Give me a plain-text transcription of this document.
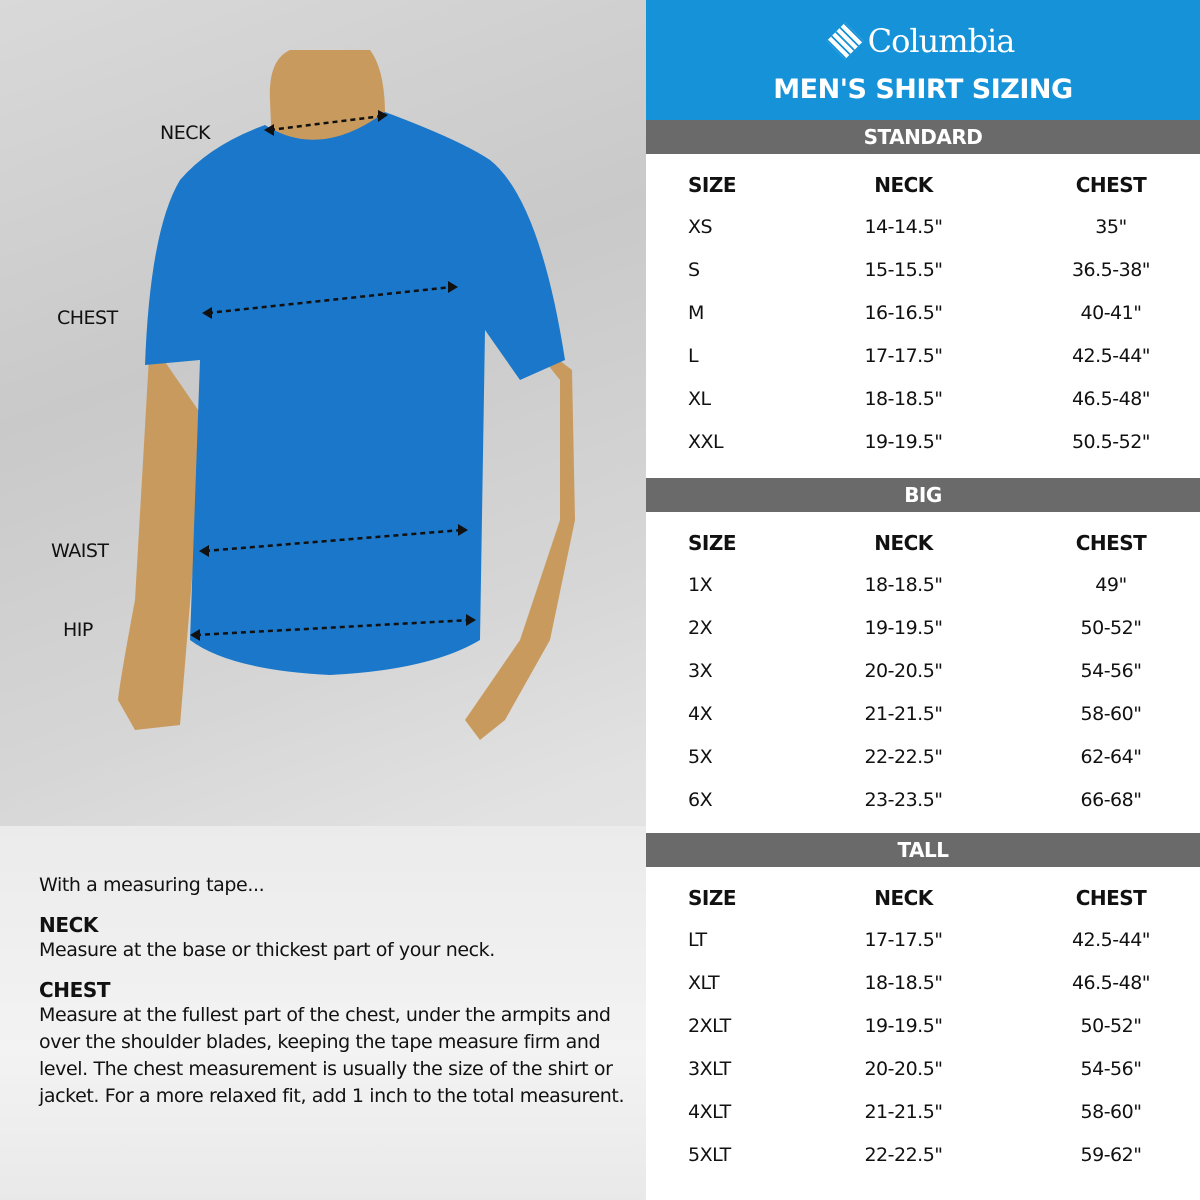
NECK
CHEST
WAIST
HIP

With a measuring tape...

NECK

Measure at the base or thickest part of your neck.

CHEST

Measure at the fullest part of the chest, under the armpits and over the shoulder blades, keeping the tape measure firm and level. The chest measurement is usually the size of the shirt or jacket. For a more relaxed fit, add 1 inch to the total measurent.

Columbia
MEN'S SHIRT SIZING
STANDARD
SIZE	NECK	CHEST
XS	14-14.5"	35"
S	15-15.5"	36.5-38"
M	16-16.5"	40-41"
L	17-17.5"	42.5-44"
XL	18-18.5"	46.5-48"
XXL	19-19.5"	50.5-52"
BIG
SIZE	NECK	CHEST
1X	18-18.5"	49"
2X	19-19.5"	50-52"
3X	20-20.5"	54-56"
4X	21-21.5"	58-60"
5X	22-22.5"	62-64"
6X	23-23.5"	66-68"
TALL
SIZE	NECK	CHEST
LT	17-17.5"	42.5-44"
XLT	18-18.5"	46.5-48"
2XLT	19-19.5"	50-52"
3XLT	20-20.5"	54-56"
4XLT	21-21.5"	58-60"
5XLT	22-22.5"	59-62"
